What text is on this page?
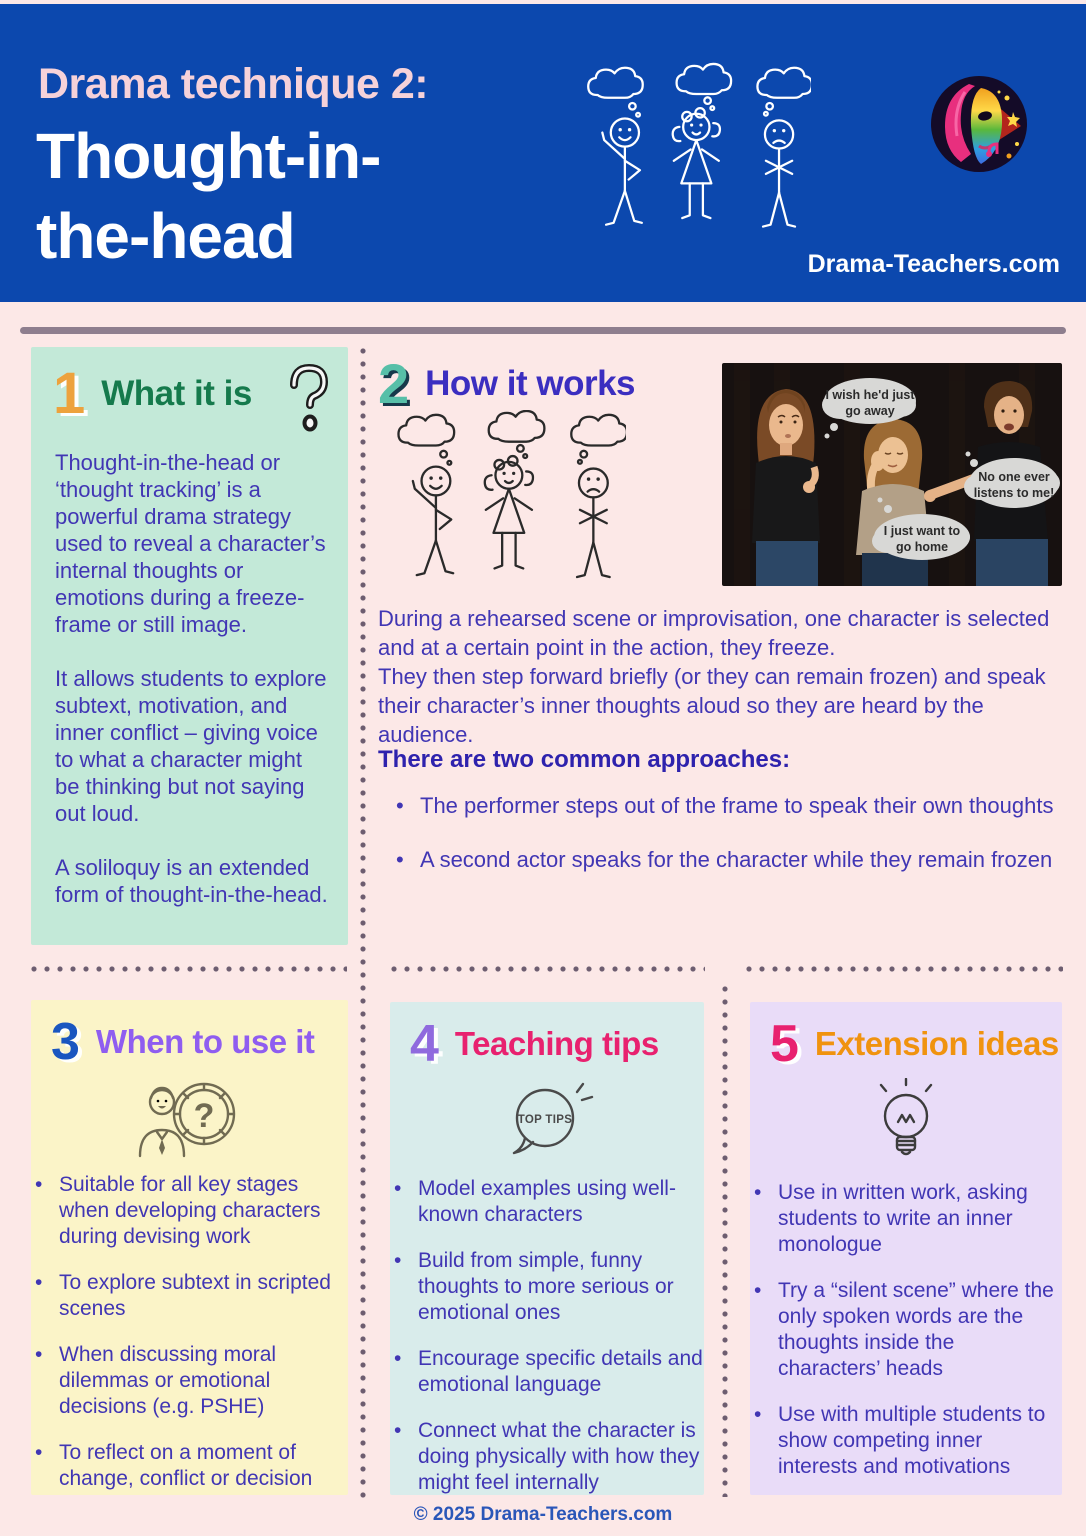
Drama technique 2:
Thought-in-
the-head	Drama-Teachers.com
1 What it is

Thought-in-the-head or ‘thought tracking’ is a powerful drama strategy used to reveal a character’s internal thoughts or emotions during a freeze-frame or still image.

It allows students to explore subtext, motivation, and inner conflict – giving voice to what a character might be thinking but not saying out loud.

A soliloquy is an extended form of thought-in-the-head.

2 How it works	I wish he'd just
go away
No one ever
listens to me!
I just want to
go home

During a rehearsed scene or improvisation, one character is selected and at a certain point in the action, they freeze.

They then step forward briefly (or they can remain frozen) and speak their character’s inner thoughts aloud so they are heard by the audience.

There are two common approaches:
• The performer steps out of the frame to speak their own thoughts
• A second actor speaks for the character while they remain frozen
3 When to use it
?
• Suitable for all key stages when developing characters during devising work
• To explore subtext in scripted scenes
• When discussing moral dilemmas or emotional decisions (e.g. PSHE)
• To reflect on a moment of change, conflict or decision
4 Teaching tips
TOP TIPS
• Model examples using well-known characters
• Build from simple, funny thoughts to more serious or emotional ones
• Encourage specific details and emotional language
• Connect what the character is doing physically with how they might feel internally
5 Extension ideas
• Use in written work, asking students to write an inner monologue
• Try a “silent scene” where the only spoken words are the thoughts inside the characters’ heads
• Use with multiple students to show competing inner interests and motivations
© 2025 Drama-Teachers.com
